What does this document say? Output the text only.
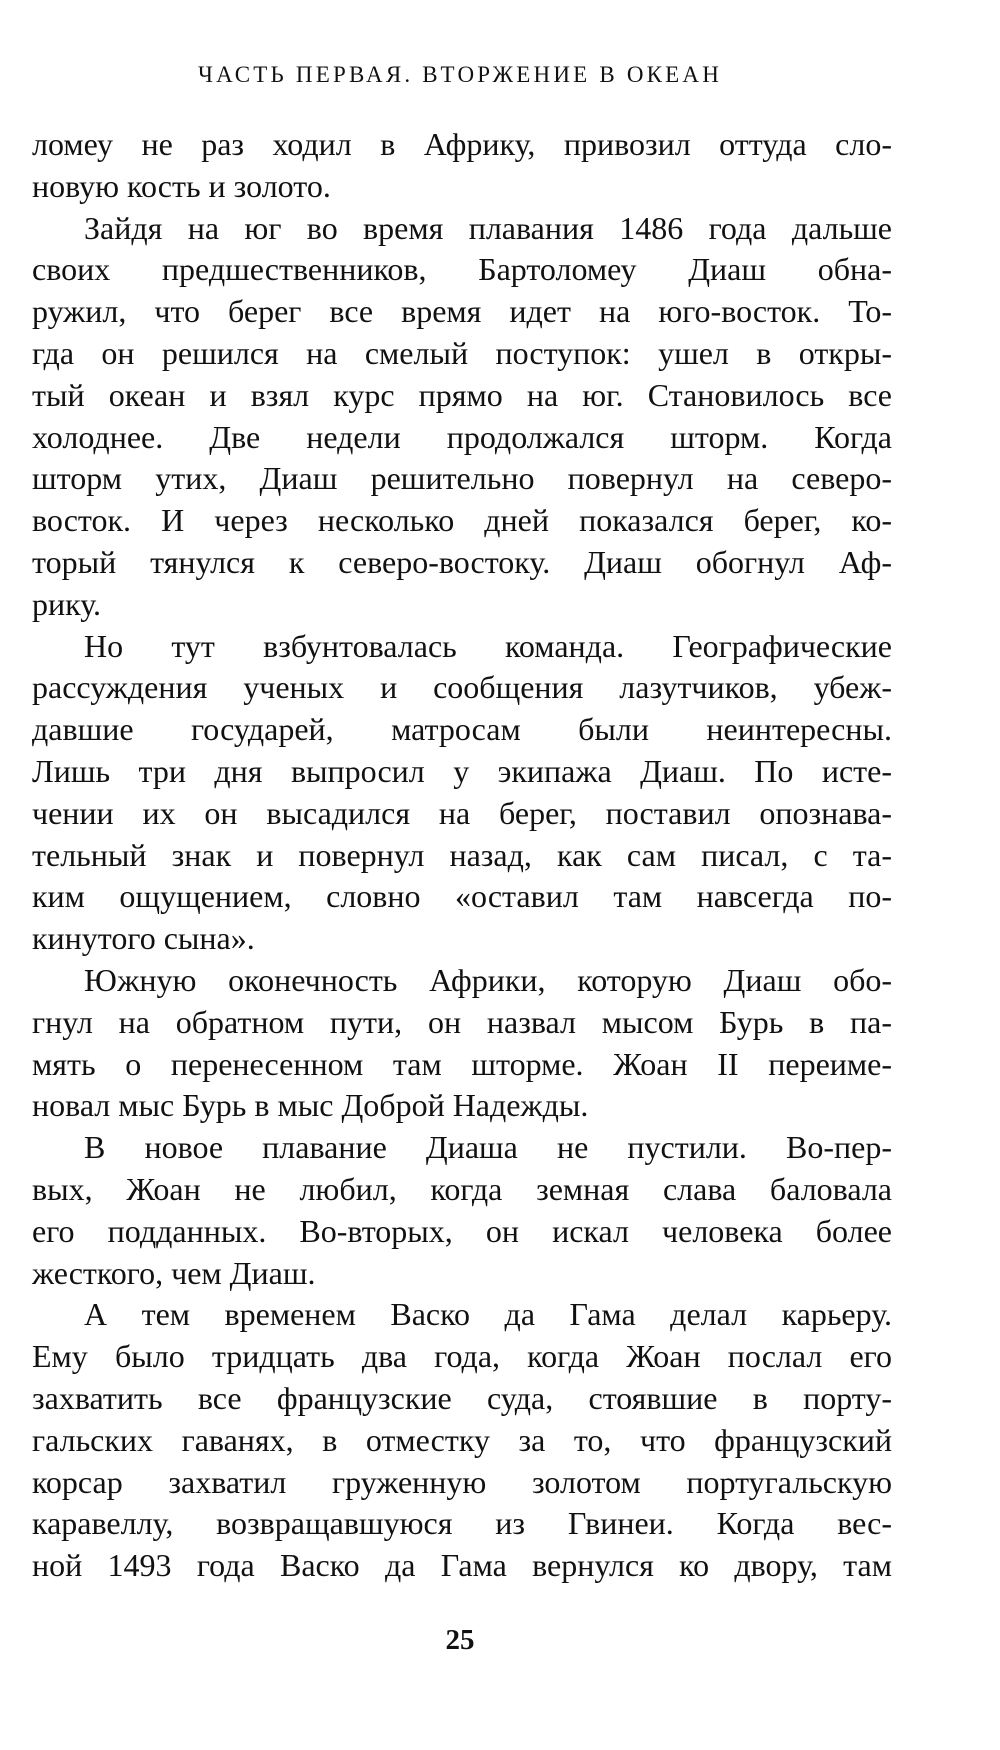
ЧАСТЬ ПЕРВАЯ. ВТОРЖЕНИЕ В ОКЕАН
ломеу не раз ходил в Африку, привозил оттуда сло-
новую кость и золото.
Зайдя на юг во время плавания 1486 года дальше
своих предшественников, Бартоломеу Диаш обна-
ружил, что берег все время идет на юго-восток. То-
гда он решился на смелый поступок: ушел в откры-
тый океан и взял курс прямо на юг. Становилось все
холоднее. Две недели продолжался шторм. Когда
шторм утих, Диаш решительно повернул на северо-
восток. И через несколько дней показался берег, ко-
торый тянулся к северо-востоку. Диаш обогнул Аф-
рику.
Но тут взбунтовалась команда. Географические
рассуждения ученых и сообщения лазутчиков, убеж-
давшие государей, матросам были неинтересны.
Лишь три дня выпросил у экипажа Диаш. По исте-
чении их он высадился на берег, поставил опознава-
тельный знак и повернул назад, как сам писал, с та-
ким ощущением, словно «оставил там навсегда по-
кинутого сына».
Южную оконечность Африки, которую Диаш обо-
гнул на обратном пути, он назвал мысом Бурь в па-
мять о перенесенном там шторме. Жоан II переиме-
новал мыс Бурь в мыс Доброй Надежды.
В новое плавание Диаша не пустили. Во-пер-
вых, Жоан не любил, когда земная слава баловала
его подданных. Во-вторых, он искал человека более
жесткого, чем Диаш.
А тем временем Васко да Гама делал карьеру.
Ему было тридцать два года, когда Жоан послал его
захватить все французские суда, стоявшие в порту-
гальских гаванях, в отместку за то, что французский
корсар захватил груженную золотом португальскую
каравеллу, возвращавшуюся из Гвинеи. Когда вес-
ной 1493 года Васко да Гама вернулся ко двору, там
25
